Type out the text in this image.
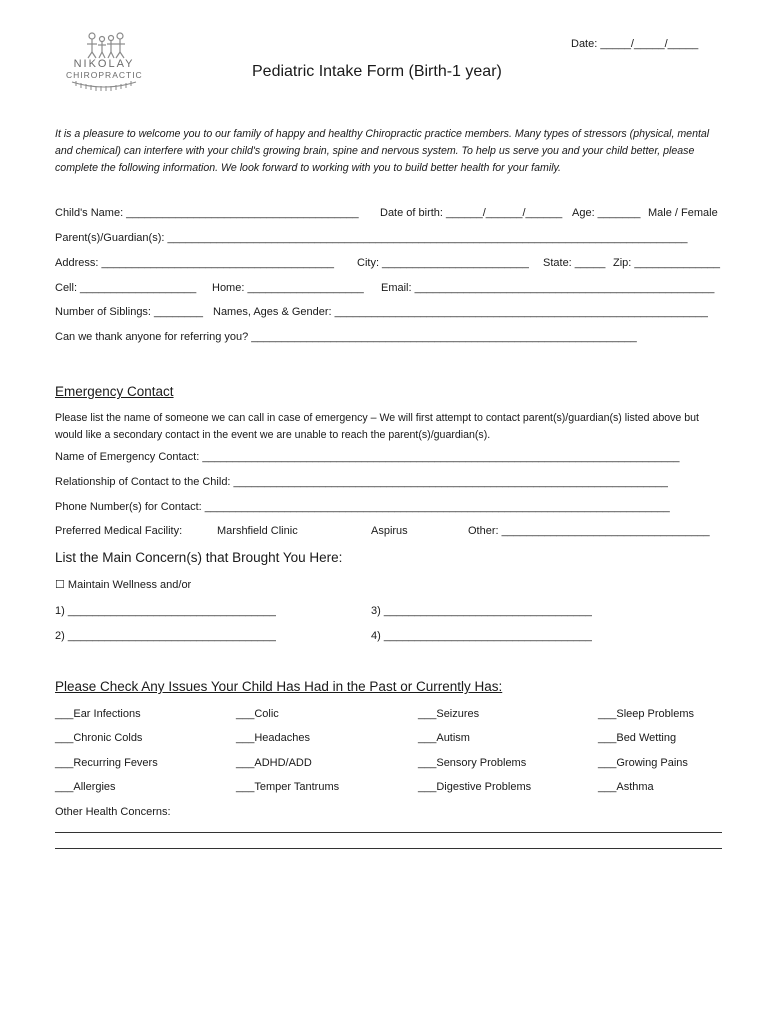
Date: _____/_____/_____
NIKOLAY
CHIROPRACTIC	Pediatric Intake Form (Birth-1 year)
It is a pleasure to welcome you to our family of happy and healthy Chiropractic practice members. Many types of stressors (physical, mental and chemical) can interfere with your child's growing brain, spine and nervous system. To help us serve you and your child better, please complete the following information. We look forward to working with you to build better health for your family.
Child's Name: ______________________________________ Date of birth: ______/______/______ Age: _______ Male / Female
Parent(s)/Guardian(s): _____________________________________________________________________________________
Address: ______________________________________ City: ________________________ State: _____ Zip: ______________
Cell: ___________________ Home: ___________________ Email: _________________________________________________
Number of Siblings: ________ Names, Ages & Gender: _____________________________________________________________
Can we thank anyone for referring you? _______________________________________________________________
Emergency Contact
Please list the name of someone we can call in case of emergency – We will first attempt to contact parent(s)/guardian(s) listed above but would like a secondary contact in the event we are unable to reach the parent(s)/guardian(s).
Name of Emergency Contact: ______________________________________________________________________________
Relationship of Contact to the Child: _______________________________________________________________________
Phone Number(s) for Contact: ____________________________________________________________________________
Preferred Medical Facility:	Marshfield Clinic	Aspirus	Other: __________________________________
List the Main Concern(s) that Brought You Here:
☐ Maintain Wellness and/or
1) __________________________________
2) __________________________________
3) __________________________________
4) __________________________________
Please Check Any Issues Your Child Has Had in the Past or Currently Has:
___Ear Infections	___Colic	___Seizures	___Sleep Problems
___Chronic Colds	___Headaches	___Autism	___Bed Wetting
___Recurring Fevers	___ADHD/ADD	___Sensory Problems	___Growing Pains
___Allergies	___Temper Tantrums	___Digestive Problems	___Asthma
Other Health Concerns:
